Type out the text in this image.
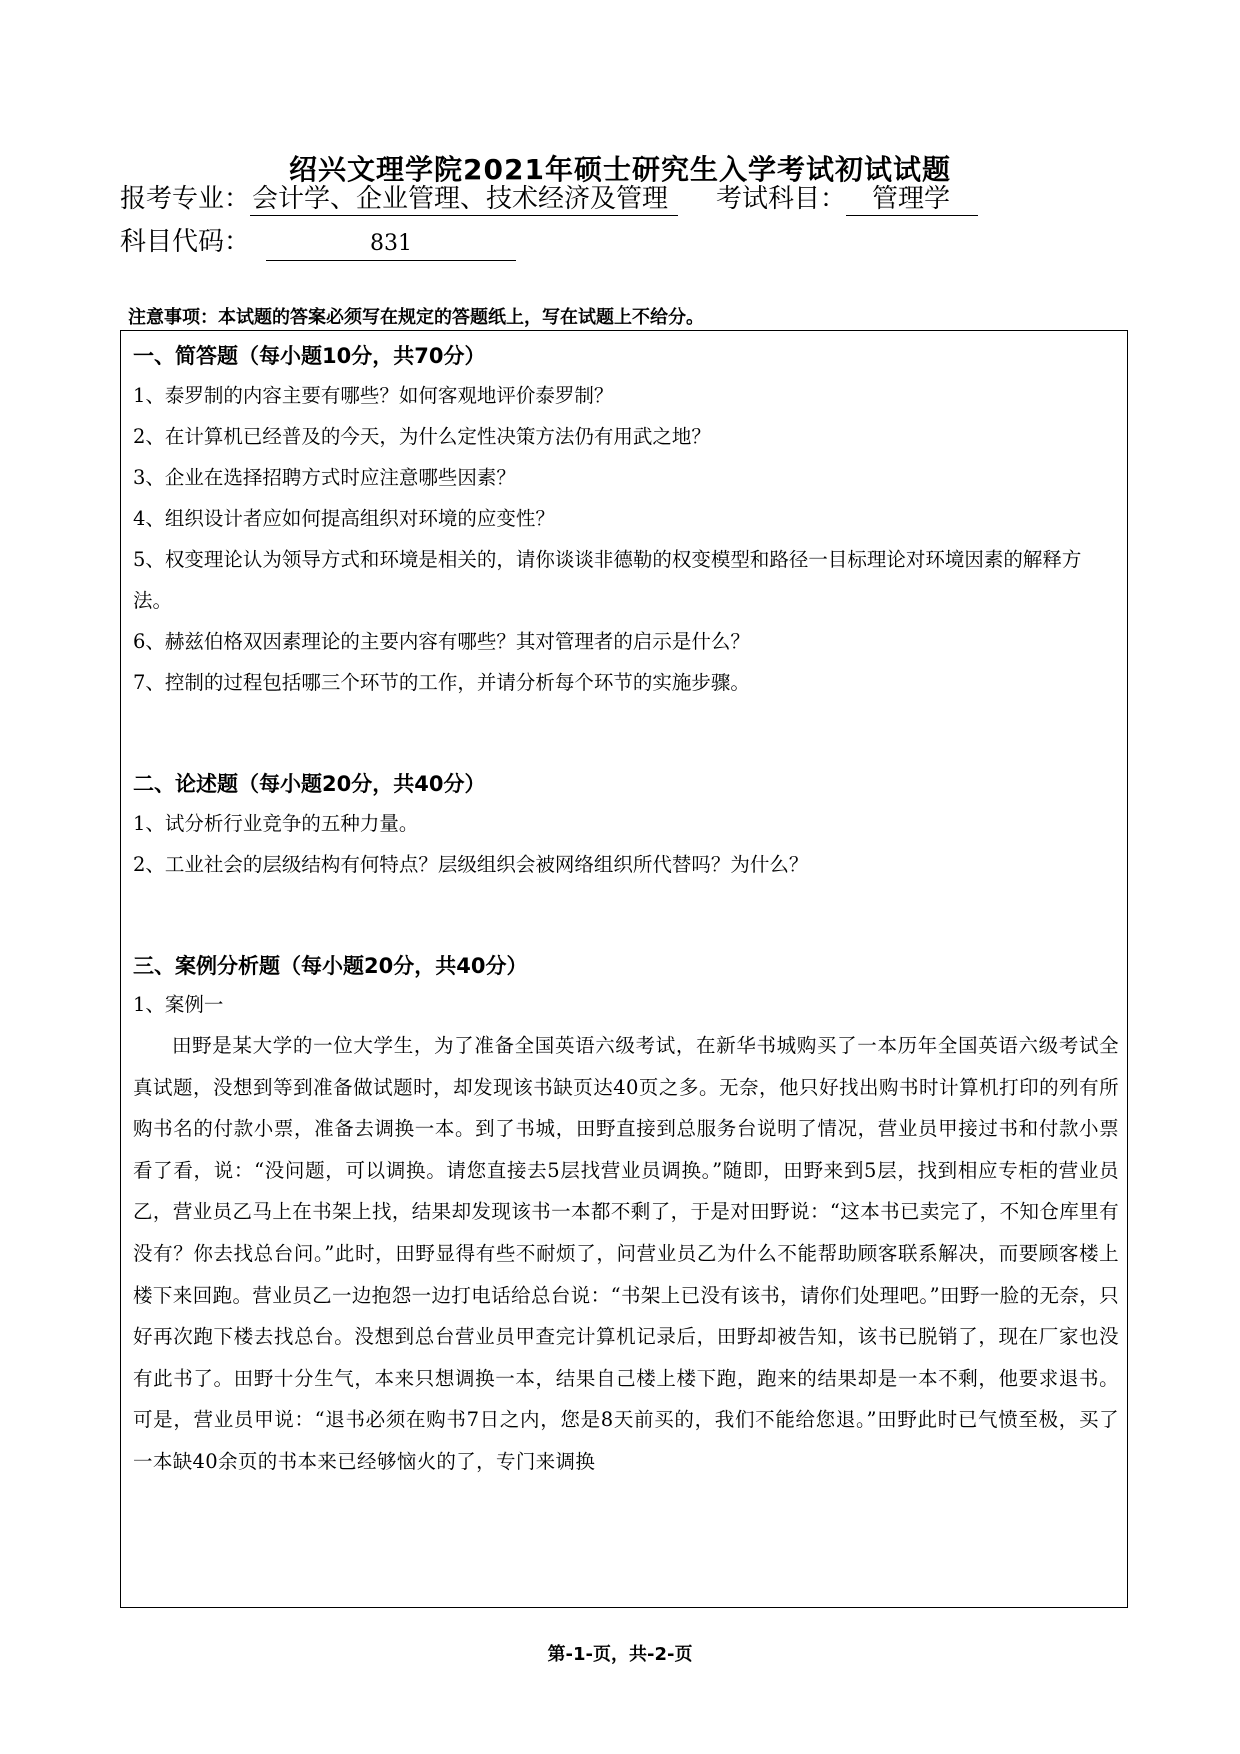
绍兴文理学院2021年硕士研究生入学考试初试试题
报考专业：会计学、企业管理、技术经济及管理	考试科目： 管理学
科目代码：	831
注意事项：本试题的答案必须写在规定的答题纸上，写在试题上不给分。
一、简答题（每小题10分，共70分）
1、泰罗制的内容主要有哪些？如何客观地评价泰罗制？
2、在计算机已经普及的今天，为什么定性决策方法仍有用武之地？
3、企业在选择招聘方式时应注意哪些因素？
4、组织设计者应如何提高组织对环境的应变性？
5、权变理论认为领导方式和环境是相关的，请你谈谈非德勒的权变模型和路径一目标理论对环境因素的解释方法。
6、赫兹伯格双因素理论的主要内容有哪些？其对管理者的启示是什么？
7、控制的过程包括哪三个环节的工作，并请分析每个环节的实施步骤。
二、论述题（每小题20分，共40分）
1、试分析行业竞争的五种力量。
2、工业社会的层级结构有何特点？层级组织会被网络组织所代替吗？为什么？
三、案例分析题（每小题20分，共40分）
1、案例一
田野是某大学的一位大学生，为了准备全国英语六级考试，在新华书城购买了一本历年全国英语六级考试全真试题，没想到等到准备做试题时，却发现该书缺页达40页之多。无奈，他只好找出购书时计算机打印的列有所购书名的付款小票，准备去调换一本。到了书城，田野直接到总服务台说明了情况，营业员甲接过书和付款小票看了看，说：“没问题，可以调换。请您直接去5层找营业员调换。”随即，田野来到5层，找到相应专柜的营业员乙，营业员乙马上在书架上找，结果却发现该书一本都不剩了，于是对田野说：“这本书已卖完了，不知仓库里有没有？你去找总台问。”此时，田野显得有些不耐烦了，问营业员乙为什么不能帮助顾客联系解决，而要顾客楼上楼下来回跑。营业员乙一边抱怨一边打电话给总台说：“书架上已没有该书，请你们处理吧。”田野一脸的无奈，只好再次跑下楼去找总台。没想到总台营业员甲查完计算机记录后，田野却被告知，该书已脱销了，现在厂家也没有此书了。田野十分生气，本来只想调换一本，结果自己楼上楼下跑，跑来的结果却是一本不剩，他要求退书。可是，营业员甲说：“退书必须在购书7日之内，您是8天前买的，我们不能给您退。”田野此时已气愤至极，买了一本缺40余页的书本来已经够恼火的了，专门来调换
第-1-页，共-2-页
